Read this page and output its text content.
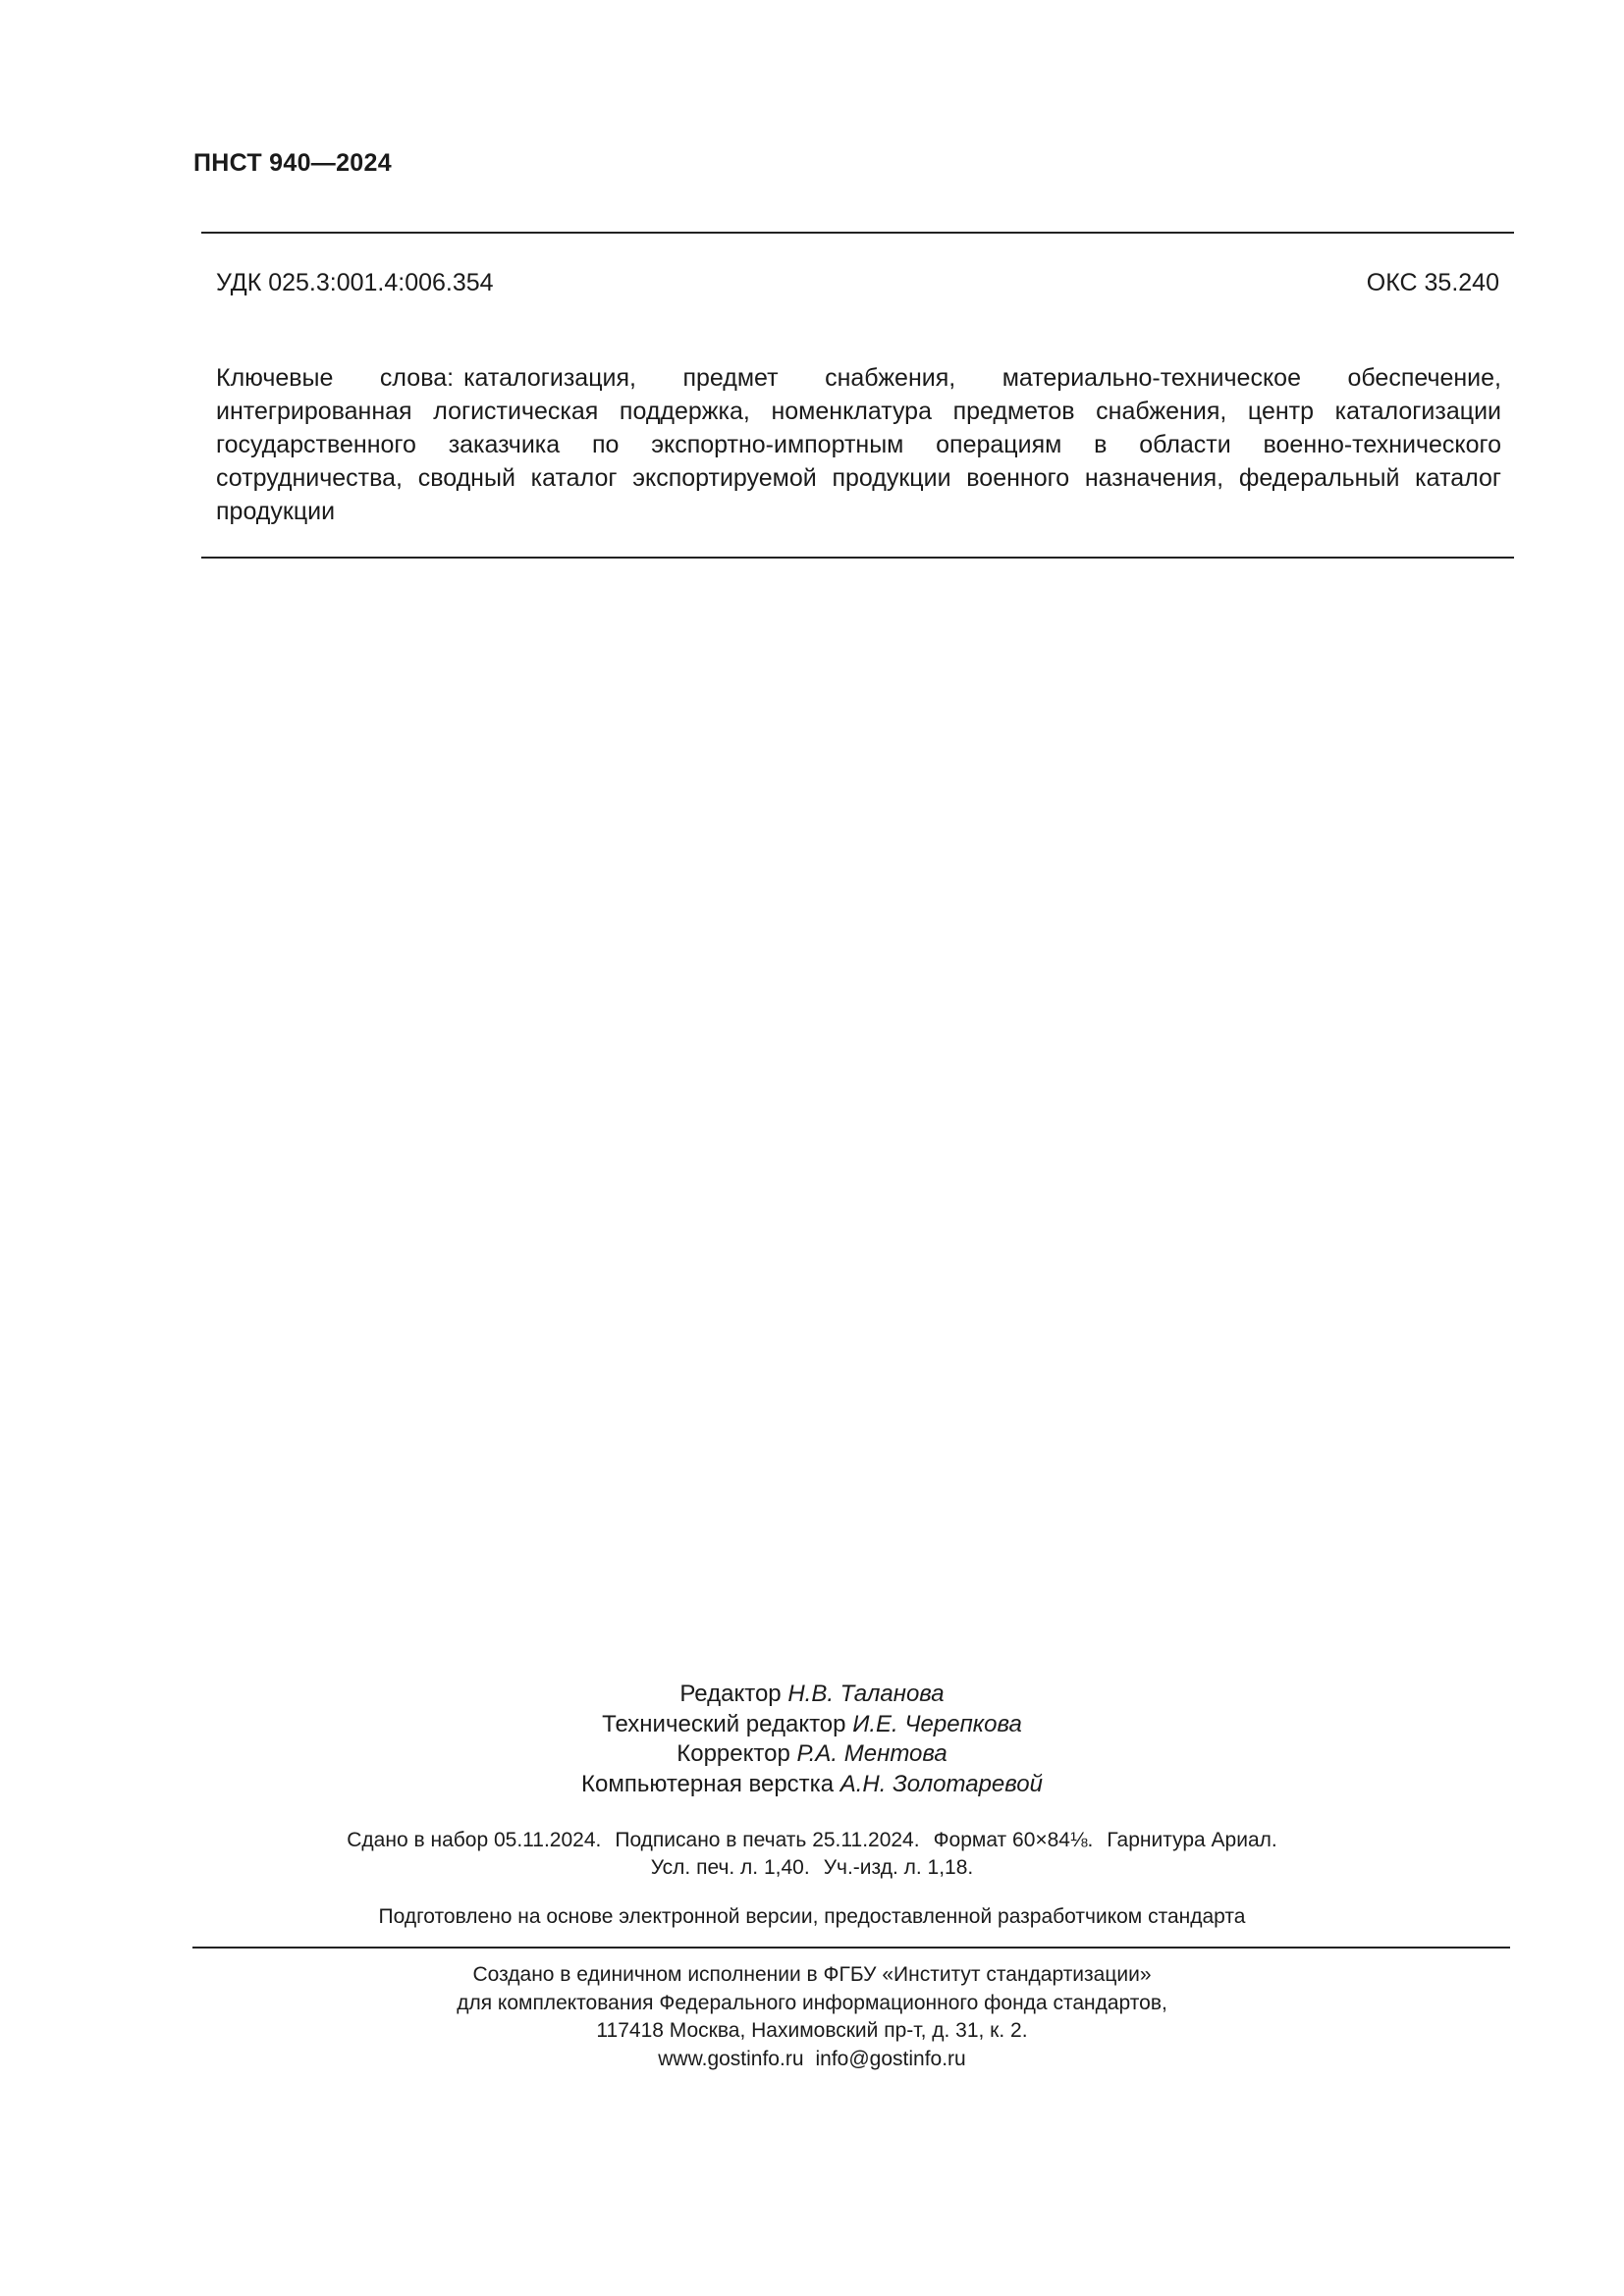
ПНСТ 940—2024
УДК 025.3:001.4:006.354	ОКС 35.240
Ключевые слова: каталогизация, предмет снабжения, материально-техническое обеспечение, интегрированная логистическая поддержка, номенклатура предметов снабжения, центр каталогизации государственного заказчика по экспортно-импортным операциям в области военно-технического сотрудничества, сводный каталог экспортируемой продукции военного назначения, федеральный каталог продукции
Редактор Н.В. Таланова
Технический редактор И.Е. Черепкова
Корректор Р.А. Ментова
Компьютерная верстка А.Н. Золотаревой
Сдано в набор 05.11.2024. Подписано в печать 25.11.2024. Формат 60×84⅛. Гарнитура Ариал.
Усл. печ. л. 1,40. Уч.-изд. л. 1,18.
Подготовлено на основе электронной версии, предоставленной разработчиком стандарта
Создано в единичном исполнении в ФГБУ «Институт стандартизации»
для комплектования Федерального информационного фонда стандартов,
117418 Москва, Нахимовский пр-т, д. 31, к. 2.
www.gostinfo.ru info@gostinfo.ru
